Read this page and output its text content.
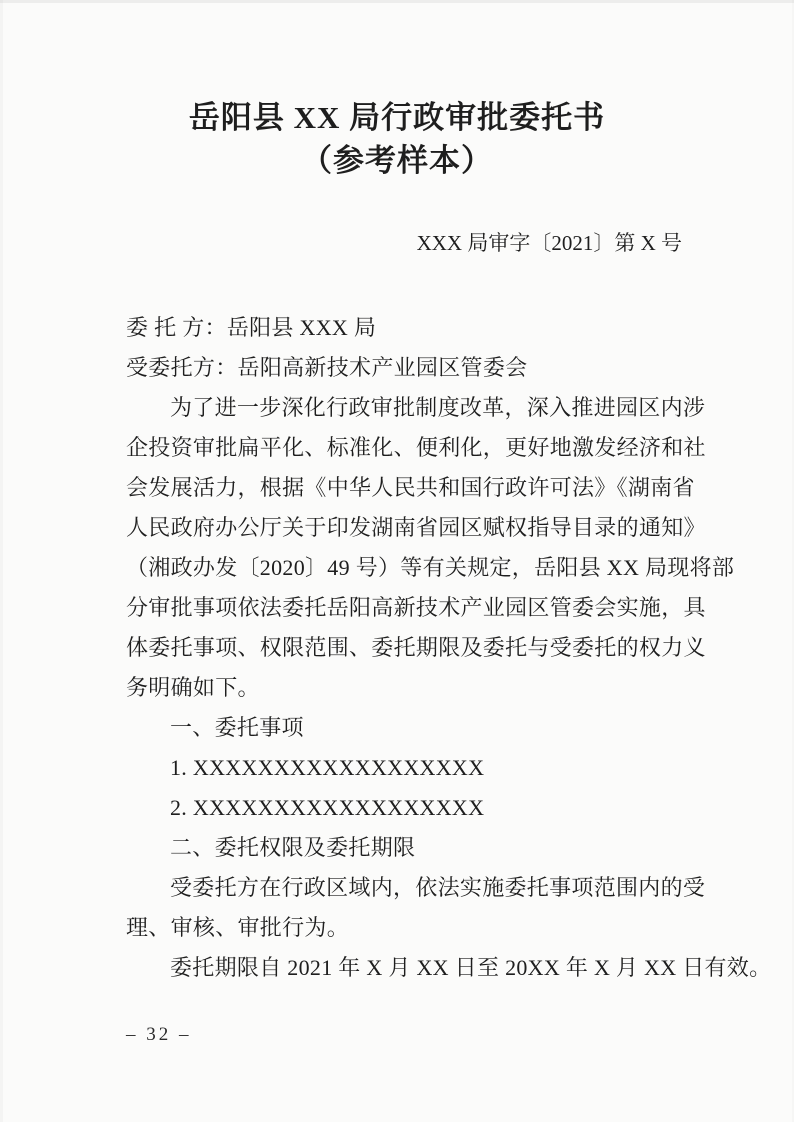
岳阳县 XX 局行政审批委托书
（参考样本）
XXX 局审字〔2021〕第 X 号
委 托 方：岳阳县 XXX 局
受委托方：岳阳高新技术产业园区管委会
为了进一步深化行政审批制度改革，深入推进园区内涉
企投资审批扁平化、标准化、便利化，更好地激发经济和社
会发展活力，根据《中华人民共和国行政许可法》《湖南省
人民政府办公厅关于印发湖南省园区赋权指导目录的通知》
（湘政办发〔2020〕49 号）等有关规定，岳阳县 XX 局现将部
分审批事项依法委托岳阳高新技术产业园区管委会实施，具
体委托事项、权限范围、委托期限及委托与受委托的权力义
务明确如下。
一、委托事项
1. XXXXXXXXXXXXXXXXXX
2. XXXXXXXXXXXXXXXXXX
二、委托权限及委托期限
受委托方在行政区域内，依法实施委托事项范围内的受
理、审核、审批行为。
委托期限自 2021 年 X 月 XX 日至 20XX 年 X 月 XX 日有效。
– 32 –
